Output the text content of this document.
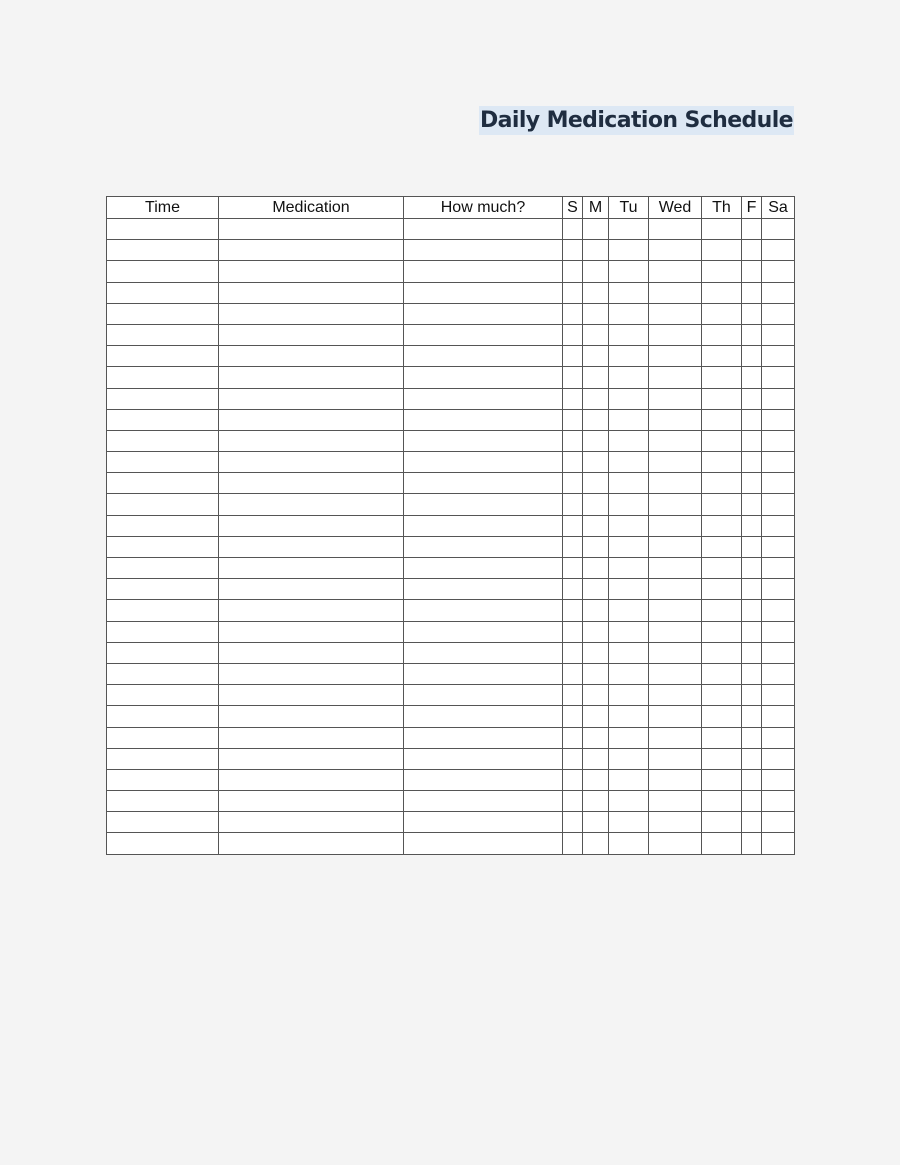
Daily Medication Schedule
Time	Medication	How much?	S	M	Tu	Wed	Th	F	Sa
